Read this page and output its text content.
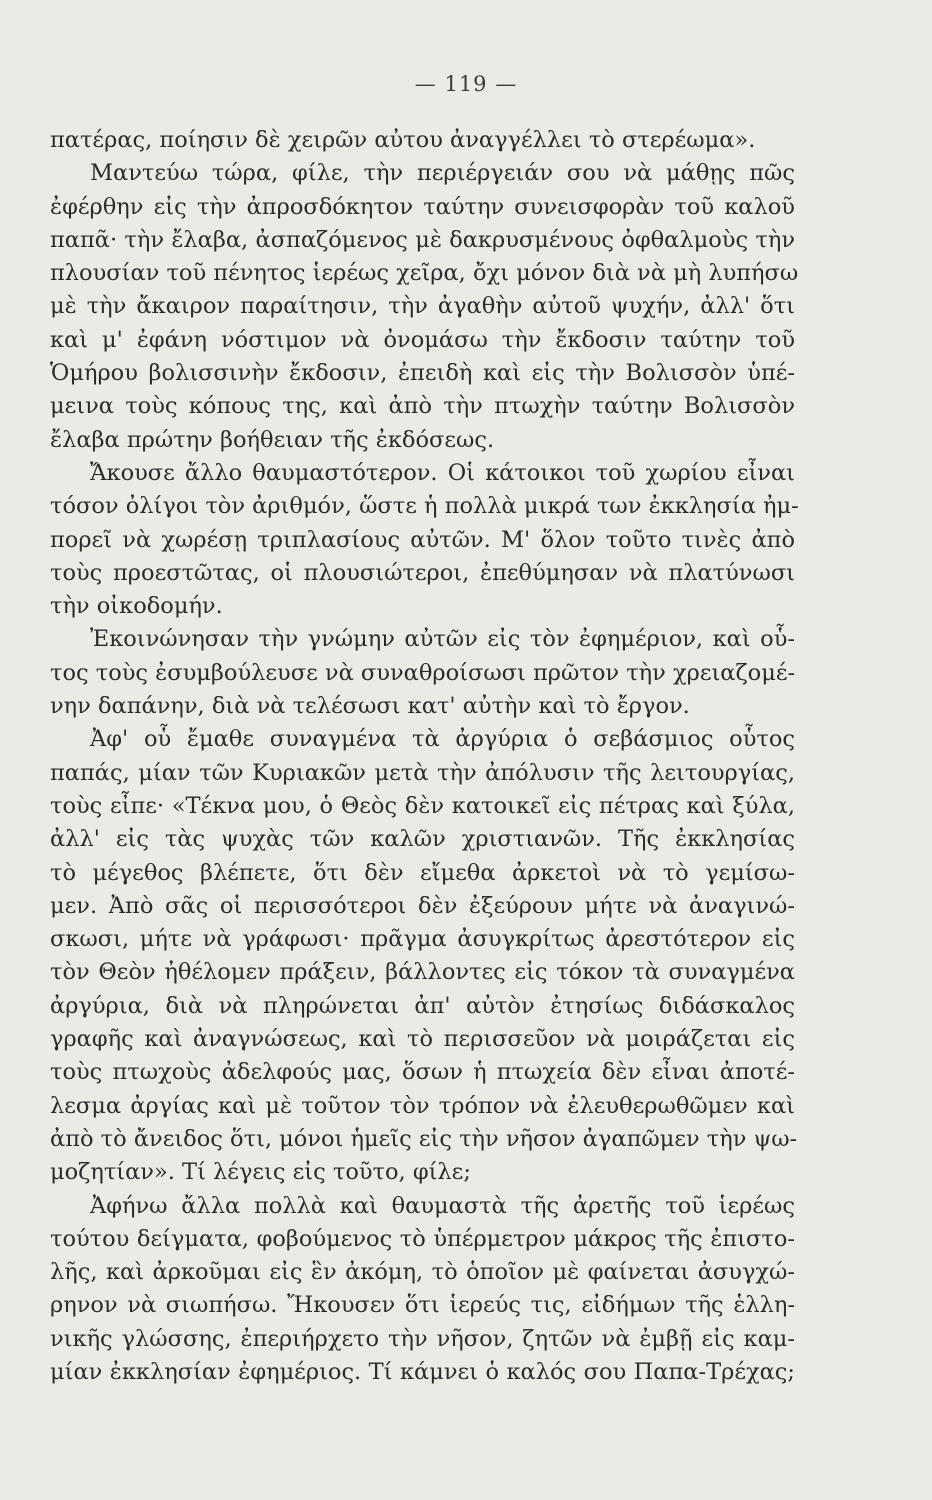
— 119 —
πατέρας, ποίησιν δὲ χειρῶν αὐτου ἀναγγέλλει τὸ στερέωμα».
Μαντεύω τώρα, φίλε, τὴν περιέργειάν σου νὰ μάθῃς πῶς
ἐφέρθην εἰς τὴν ἀπροσδόκητον ταύτην συνεισφορὰν τοῦ καλοῦ
παπᾶ· τὴν ἔλαβα, ἀσπαζόμενος μὲ δακρυσμένους ὀφθαλμοὺς τὴν
πλουσίαν τοῦ πένητος ἱερέως χεῖρα, ὄχι μόνον διὰ νὰ μὴ λυπήσω
μὲ τὴν ἄκαιρον παραίτησιν, τὴν ἀγαθὴν αὐτοῦ ψυχήν, ἀλλ' ὅτι
καὶ μ' ἐφάνη νόστιμον νὰ ὀνομάσω τὴν ἔκδοσιν ταύτην τοῦ
Ὁμήρου βολισσινὴν ἔκδοσιν, ἐπειδὴ καὶ εἰς τὴν Βολισσὸν ὑπέ-
μεινα τοὺς κόπους της, καὶ ἀπὸ τὴν πτωχὴν ταύτην Βολισσὸν
ἔλαβα πρώτην βοήθειαν τῆς ἐκδόσεως.
Ἄκουσε ἄλλο θαυμαστότερον. Οἱ κάτοικοι τοῦ χωρίου εἶναι
τόσον ὀλίγοι τὸν ἀριθμόν, ὥστε ἡ πολλὰ μικρά των ἐκκλησία ἠμ-
πορεῖ νὰ χωρέσῃ τριπλασίους αὐτῶν. Μ' ὅλον τοῦτο τινὲς ἀπὸ
τοὺς προεστῶτας, οἱ πλουσιώτεροι, ἐπεθύμησαν νὰ πλατύνωσι
τὴν οἰκοδομήν.
Ἐκοινώνησαν τὴν γνώμην αὐτῶν εἰς τὸν ἐφημέριον, καὶ οὗ-
τος τοὺς ἐσυμβούλευσε νὰ συναθροίσωσι πρῶτον τὴν χρειαζομέ-
νην δαπάνην, διὰ νὰ τελέσωσι κατ' αὐτὴν καὶ τὸ ἔργον.
Ἀφ' οὗ ἔμαθε συναγμένα τὰ ἀργύρια ὁ σεβάσμιος οὗτος
παπάς, μίαν τῶν Κυριακῶν μετὰ τὴν ἀπόλυσιν τῆς λειτουργίας,
τοὺς εἶπε· «Τέκνα μου, ὁ Θεὸς δὲν κατοικεῖ εἰς πέτρας καὶ ξύλα,
ἀλλ' εἰς τὰς ψυχὰς τῶν καλῶν χριστιανῶν. Τῆς ἐκκλησίας
τὸ μέγεθος βλέπετε, ὅτι δὲν εἴμεθα ἀρκετοὶ νὰ τὸ γεμίσω-
μεν. Ἀπὸ σᾶς οἱ περισσότεροι δὲν ἐξεύρουν μήτε νὰ ἀναγινώ-
σκωσι, μήτε νὰ γράφωσι· πρᾶγμα ἀσυγκρίτως ἀρεστότερον εἰς
τὸν Θεὸν ἠθέλομεν πράξειν, βάλλοντες εἰς τόκον τὰ συναγμένα
ἀργύρια, διὰ νὰ πληρώνεται ἀπ' αὐτὸν ἐτησίως διδάσκαλος
γραφῆς καὶ ἀναγνώσεως, καὶ τὸ περισσεῦον νὰ μοιράζεται εἰς
τοὺς πτωχοὺς ἀδελφούς μας, ὅσων ἡ πτωχεία δὲν εἶναι ἀποτέ-
λεσμα ἀργίας καὶ μὲ τοῦτον τὸν τρόπον νὰ ἐλευθερωθῶμεν καὶ
ἀπὸ τὸ ἄνειδος ὅτι, μόνοι ἡμεῖς εἰς τὴν νῆσον ἀγαπῶμεν τὴν ψω-
μοζητίαν». Τί λέγεις εἰς τοῦτο, φίλε;
Ἀφήνω ἄλλα πολλὰ καὶ θαυμαστὰ τῆς ἀρετῆς τοῦ ἱερέως
τούτου δείγματα, φοβούμενος τὸ ὑπέρμετρον μάκρος τῆς ἐπιστο-
λῆς, καὶ ἀρκοῦμαι εἰς ἓν ἀκόμη, τὸ ὁποῖον μὲ φαίνεται ἀσυγχώ-
ρηνον νὰ σιωπήσω. Ἤκουσεν ὅτι ἱερεύς τις, εἰδήμων τῆς ἑλλη-
νικῆς γλώσσης, ἐπεριήρχετο τὴν νῆσον, ζητῶν νὰ ἐμβῇ εἰς καμ-
μίαν ἐκκλησίαν ἐφημέριος. Τί κάμνει ὁ καλός σου Παπα-Τρέχας;
